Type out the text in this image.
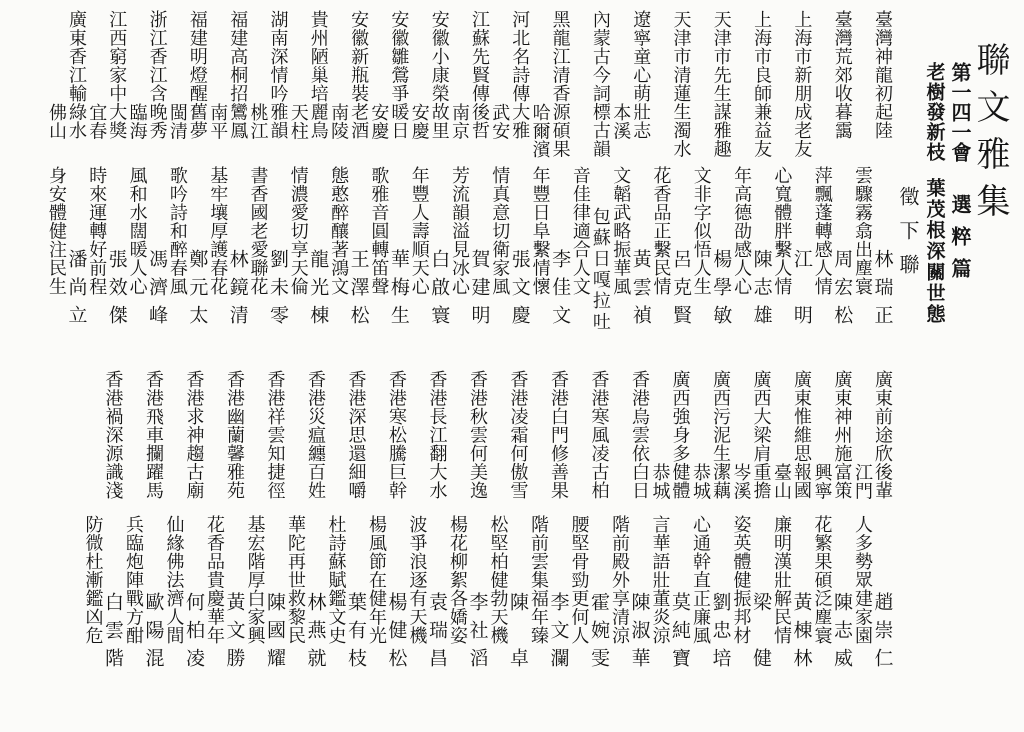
聯文雅集
第一四一會
選粹篇
老樹發新枝
葉茂根深關世態
徵下聯
臺灣神龍初起陸
雲驟霧翕出塵寰
林瑞正
臺灣荒郊收暮靄
萍飄蓬轉感人情
周宏松
上海市新朋成老友
心寬體胖繫人情
江　明
上海市良師兼益友
年高德劭感人心
陳志雄
天津市先生謀雅趣
文非字似悟人生
楊學敏
天津市清蓮生濁水
花香品正繫民情
呂克賢
遼寧童心萌壯志
本溪
文韜武略振華風
黃雲禎
內蒙古今詞標古韻
音佳律適合人文 包蘇日嘎拉吐
黑龍江清香源碩果
哈爾濱
年豐日阜繫情懷
李佳文
河北名詩傳大雅
武安
情真意切衛家風
張文慶
江蘇先賢傳後哲
南京
芳流韻溢見冰心
賀建明
安徽小康榮故里
安慶
年豐人壽順天心
白啟寰
安徽雛鶯爭暖日
安慶
歌雅音圓轉笛聲
華梅生
安徽新瓶裝老酒
南陵
態憨醉釀著鴻文
王澤松
貴州陋巢培麗鳥
天柱
情濃愛切享天倫
龍光棟
湖南深情吟雅韻
桃江
書香國老愛聯花
劉未零
福建高桐招鸞鳳
南平
基牢壤厚護春花
林鏡清
福建明燈醒舊夢
閩清
歌吟詩和醉春風
鄭元太
浙江香江含晚秀
臨海
風和水闊暖人心
馮濟峰
江西窮家中大獎
宜春
時來運轉好前程
張效傑
廣東香江輸綠水
佛山
身安體健注民生
潘尚立
廣東前途欣後輩
江門
人多勢眾建家園
趙崇仁
廣東神州施富策
興寧
花繁果碩泛塵寰
陳志威
廣東惟維思報國
臺山
廉明漢壯解民情
黃棟林
廣西大梁肩重擔
岑溪
姿英體健振邦材
梁　健
廣西污泥生潔藕
恭城
心通幹直正廉風
劉忠培
廣西強身多健體
恭城
言華語壯董炎涼
莫純寶
香港烏雲依白日
階前殿外享清涼
陳淑華
香港寒風凌古柏
腰堅骨勁更何人
霍婉雯
香港白門修善果
階前雲集福年臻
李文瀾
香港凌霜何傲雪
松堅柏健勃天機
陳　卓
香港秋雲何美逸
楊花柳絮各嬌姿
李社滔
香港長江翻大水
波爭浪逐有天機
袁瑞昌
香港寒松騰巨幹
楊風節在健年光
楊健松
香港深思還細嚼
杜詩蘇賦鑑文史
葉有枝
香港災瘟纏百姓
華陀再世救黎民
林燕就
香港祥雲知捷徑
基宏階厚白家興
陳國耀
香港幽蘭馨雅苑
花香品貴慶華年
黃文勝
香港求神趨古廟
仙緣佛法濟人間
何柏凌
香港飛車攔躍馬
兵臨炮陣戰方酣
歐陽混
香港禍深源識淺
防微杜漸鑑凶危
白雲階
